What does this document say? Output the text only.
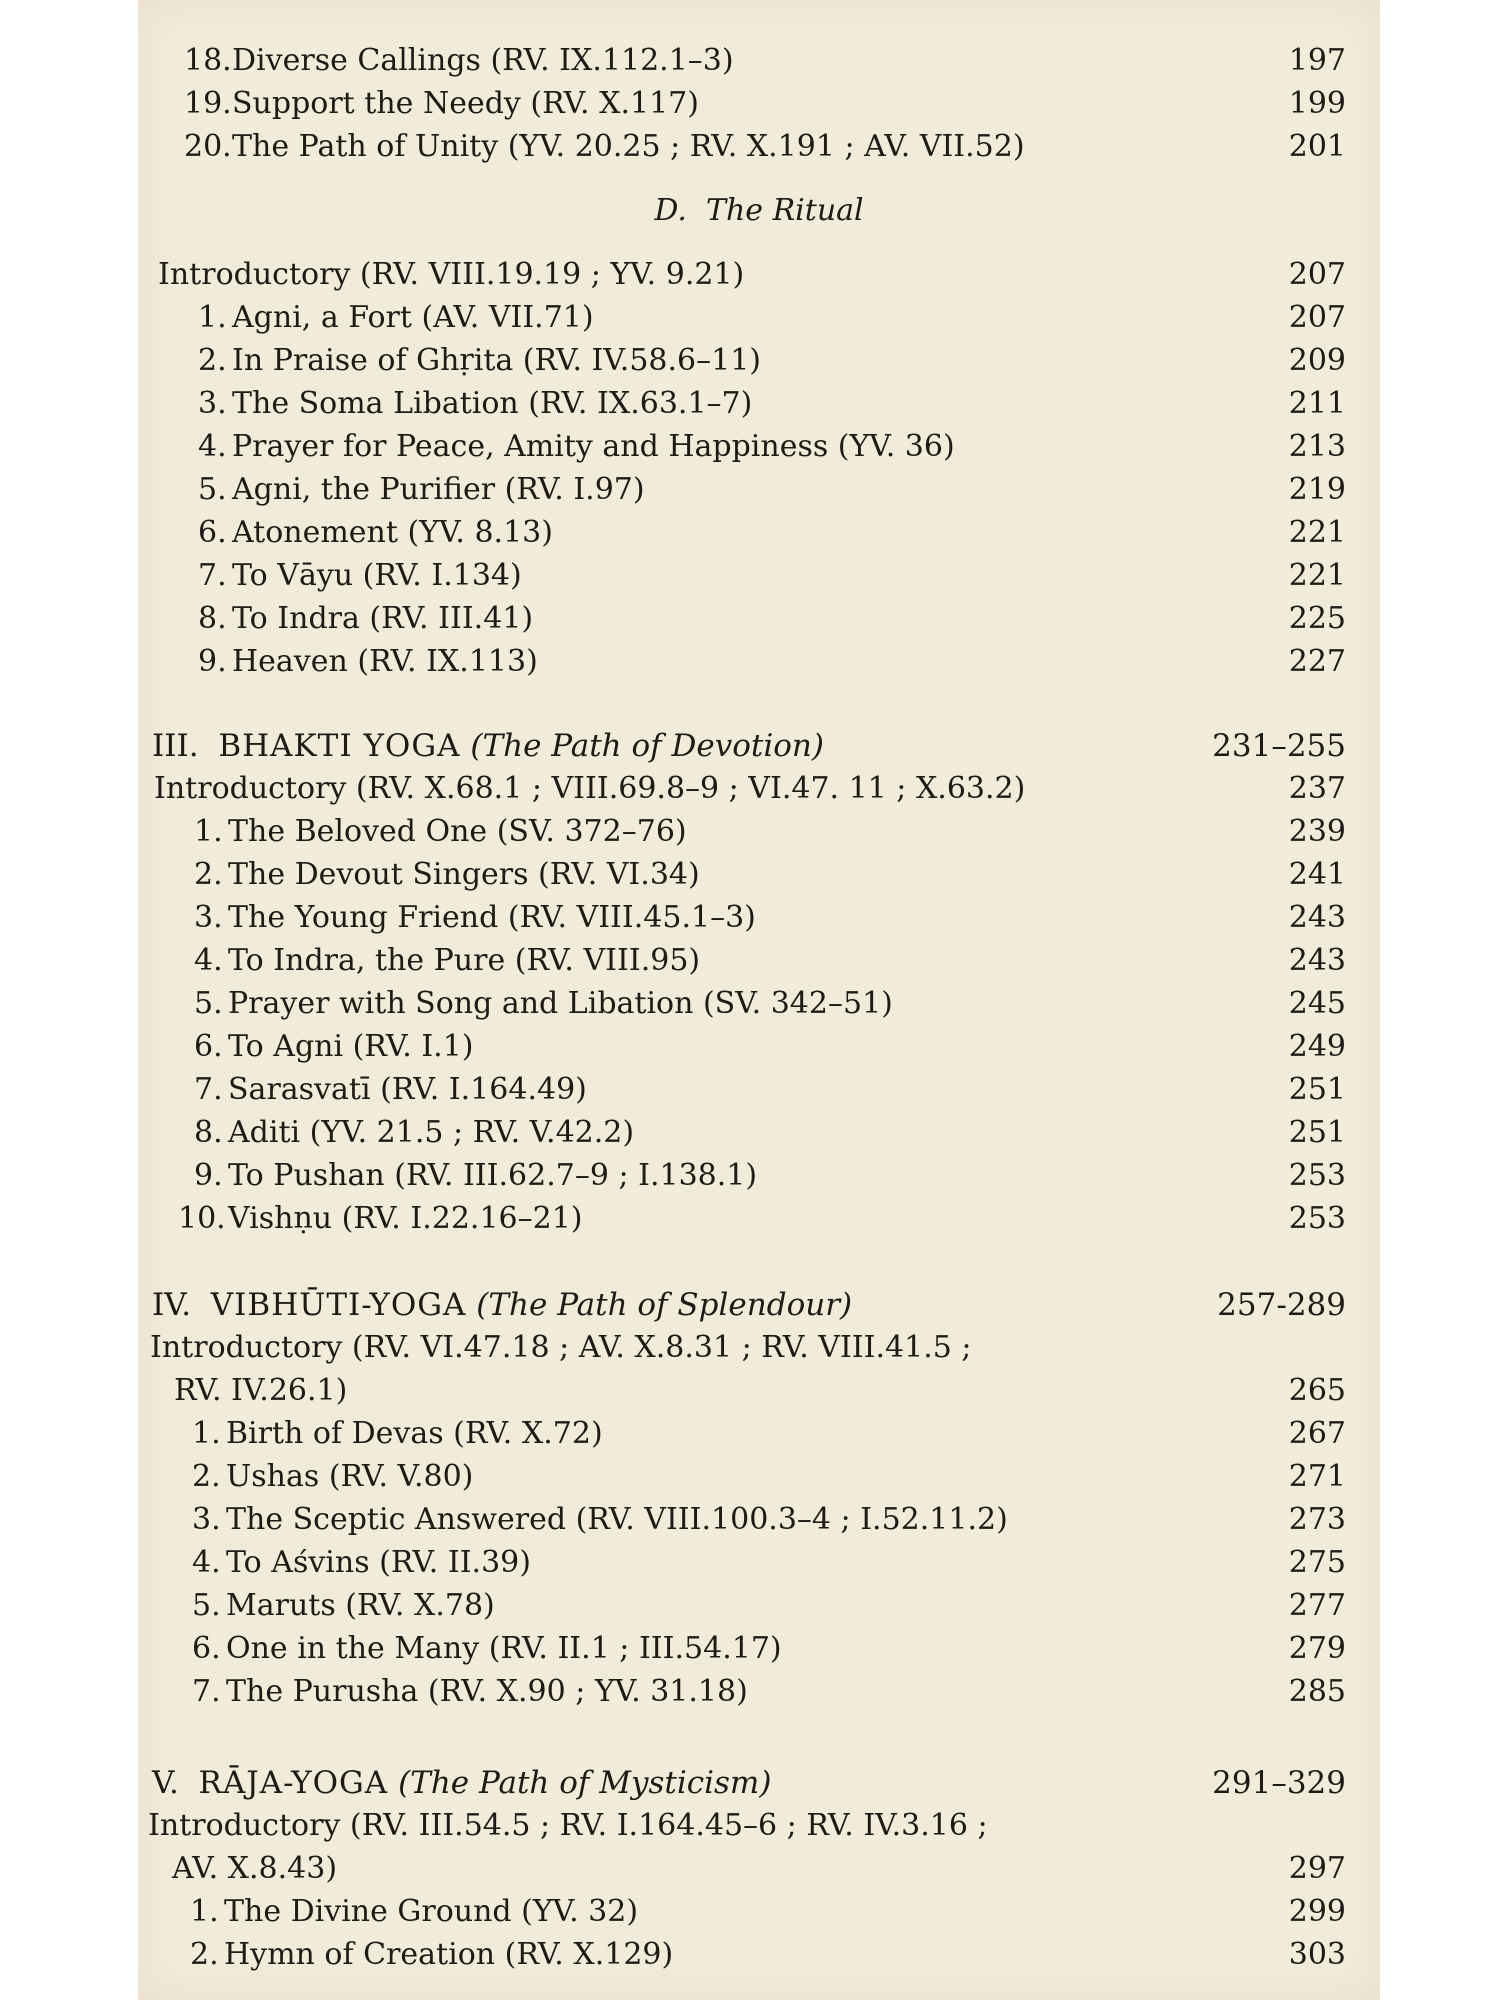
18. Diverse Callings (RV. IX.112.1–3)	197
19. Support the Needy (RV. X.117)	199
20. The Path of Unity (YV. 20.25 ; RV. X.191 ; AV. VII.52)	201
D. The Ritual
Introductory (RV. VIII.19.19 ; YV. 9.21)	207
1. Agni, a Fort (AV. VII.71)	207
2. In Praise of Ghṛita (RV. IV.58.6–11)	209
3. The Soma Libation (RV. IX.63.1–7)	211
4. Prayer for Peace, Amity and Happiness (YV. 36)	213
5. Agni, the Purifier (RV. I.97)	219
6. Atonement (YV. 8.13)	221
7. To Vāyu (RV. I.134)	221
8. To Indra (RV. III.41)	225
9. Heaven (RV. IX.113)	227
III. BHAKTI YOGA (The Path of Devotion)	231–255
Introductory (RV. X.68.1 ; VIII.69.8–9 ; VI.47. 11 ; X.63.2)	237
1. The Beloved One (SV. 372–76)	239
2. The Devout Singers (RV. VI.34)	241
3. The Young Friend (RV. VIII.45.1–3)	243
4. To Indra, the Pure (RV. VIII.95)	243
5. Prayer with Song and Libation (SV. 342–51)	245
6. To Agni (RV. I.1)	249
7. Sarasvatī (RV. I.164.49)	251
8. Aditi (YV. 21.5 ; RV. V.42.2)	251
9. To Pushan (RV. III.62.7–9 ; I.138.1)	253
10. Vishṇu (RV. I.22.16–21)	253
IV. VIBHŪTI-YOGA (The Path of Splendour)	257-289
Introductory (RV. VI.47.18 ; AV. X.8.31 ; RV. VIII.41.5 ;
RV. IV.26.1)	265
1. Birth of Devas (RV. X.72)	267
2. Ushas (RV. V.80)	271
3. The Sceptic Answered (RV. VIII.100.3–4 ; I.52.11.2)	273
4. To Aśvins (RV. II.39)	275
5. Maruts (RV. X.78)	277
6. One in the Many (RV. II.1 ; III.54.17)	279
7. The Purusha (RV. X.90 ; YV. 31.18)	285
V. RĀJA-YOGA (The Path of Mysticism)	291–329
Introductory (RV. III.54.5 ; RV. I.164.45–6 ; RV. IV.3.16 ;
AV. X.8.43)	297
1. The Divine Ground (YV. 32)	299
2. Hymn of Creation (RV. X.129)	303
